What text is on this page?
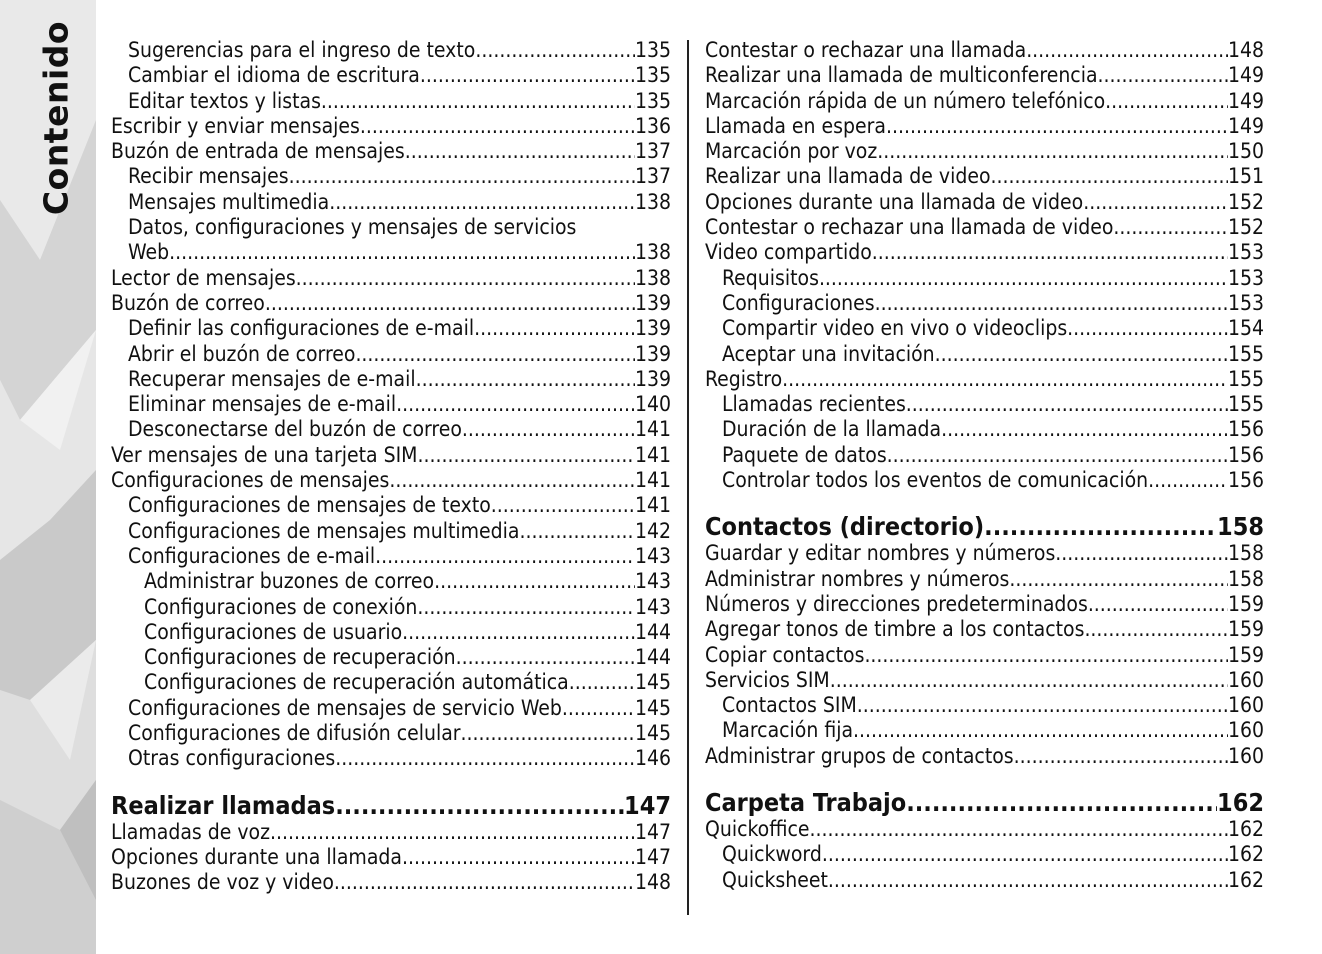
Contenido	Sugerencias para el ingreso de texto .....	135
Cambiar el idioma de escritura .....	135
Editar textos y listas .....	135
Escribir y enviar mensajes .....	136
Buzón de entrada de mensajes .....	137
Recibir mensajes .....	137
Mensajes multimedia .....	138
Datos, configuraciones y mensajes de servicios
Web .....	138
Lector de mensajes .....	138
Buzón de correo .....	139
Definir las configuraciones de e-mail .....	139
Abrir el buzón de correo .....	139
Recuperar mensajes de e-mail .....	139
Eliminar mensajes de e-mail .....	140
Desconectarse del buzón de correo .....	141
Ver mensajes de una tarjeta SIM .....	141
Configuraciones de mensajes .....	141
Configuraciones de mensajes de texto .....	141
Configuraciones de mensajes multimedia .....	142
Configuraciones de e-mail .....	143
Administrar buzones de correo .....	143
Configuraciones de conexión .....	143
Configuraciones de usuario .....	144
Configuraciones de recuperación .....	144
Configuraciones de recuperación automática .....	145
Configuraciones de mensajes de servicio Web .....	145
Configuraciones de difusión celular .....	145
Otras configuraciones .....	146
Realizar llamadas .....	147
Llamadas de voz .....	147
Opciones durante una llamada .....	147
Buzones de voz y video .....	148
Contestar o rechazar una llamada .....	148
Realizar una llamada de multiconferencia .....	149
Marcación rápida de un número telefónico .....	149
Llamada en espera .....	149
Marcación por voz .....	150
Realizar una llamada de video .....	151
Opciones durante una llamada de video .....	152
Contestar o rechazar una llamada de video .....	152
Video compartido .....	153
Requisitos .....	153
Configuraciones .....	153
Compartir video en vivo o videoclips .....	154
Aceptar una invitación .....	155
Registro .....	155
Llamadas recientes .....	155
Duración de la llamada .....	156
Paquete de datos .....	156
Controlar todos los eventos de comunicación .....	156
Contactos (directorio) .....	158
Guardar y editar nombres y números .....	158
Administrar nombres y números .....	158
Números y direcciones predeterminados .....	159
Agregar tonos de timbre a los contactos .....	159
Copiar contactos .....	159
Servicios SIM .....	160
Contactos SIM .....	160
Marcación fija .....	160
Administrar grupos de contactos .....	160
Carpeta Trabajo .....	162
Quickoffice .....	162
Quickword .....	162
Quicksheet .....	162
